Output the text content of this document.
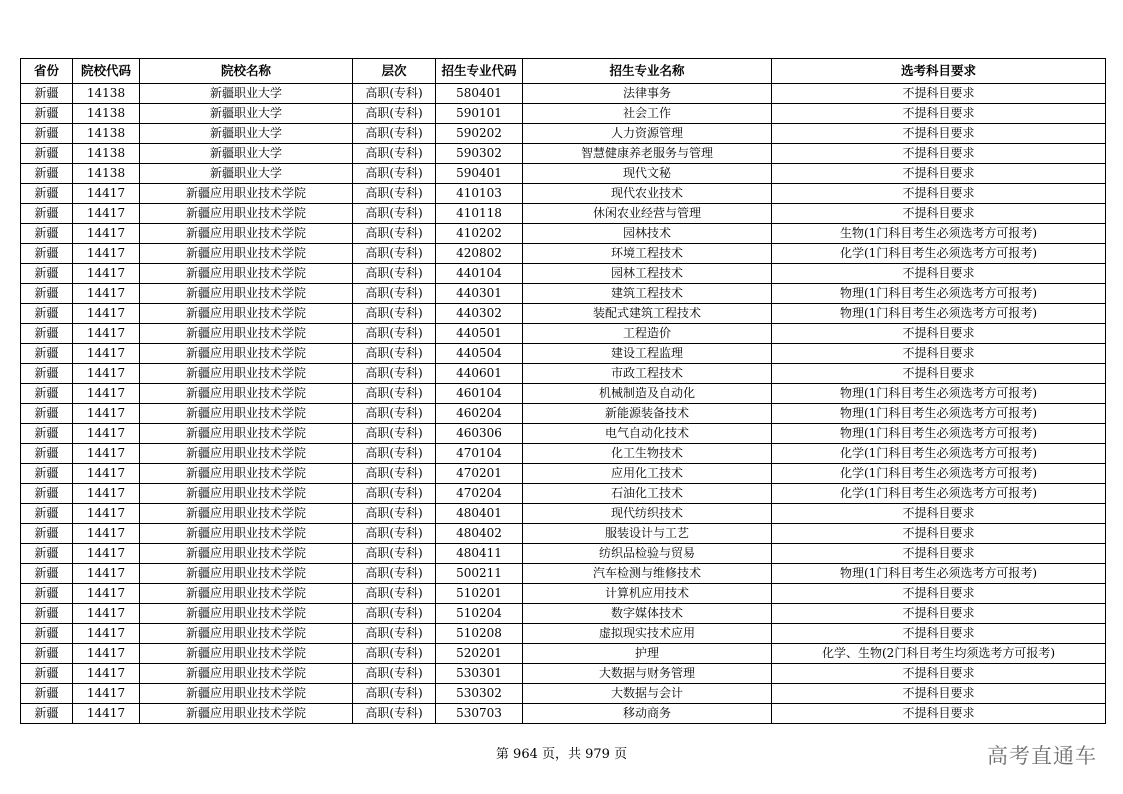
省份	院校代码	院校名称	层次	招生专业代码	招生专业名称	选考科目要求
新疆	14138	新疆职业大学	高职(专科)	580401	法律事务	不提科目要求
新疆	14138	新疆职业大学	高职(专科)	590101	社会工作	不提科目要求
新疆	14138	新疆职业大学	高职(专科)	590202	人力资源管理	不提科目要求
新疆	14138	新疆职业大学	高职(专科)	590302	智慧健康养老服务与管理	不提科目要求
新疆	14138	新疆职业大学	高职(专科)	590401	现代文秘	不提科目要求
新疆	14417	新疆应用职业技术学院	高职(专科)	410103	现代农业技术	不提科目要求
新疆	14417	新疆应用职业技术学院	高职(专科)	410118	休闲农业经营与管理	不提科目要求
新疆	14417	新疆应用职业技术学院	高职(专科)	410202	园林技术	生物(1门科目考生必须选考方可报考)
新疆	14417	新疆应用职业技术学院	高职(专科)	420802	环境工程技术	化学(1门科目考生必须选考方可报考)
新疆	14417	新疆应用职业技术学院	高职(专科)	440104	园林工程技术	不提科目要求
新疆	14417	新疆应用职业技术学院	高职(专科)	440301	建筑工程技术	物理(1门科目考生必须选考方可报考)
新疆	14417	新疆应用职业技术学院	高职(专科)	440302	装配式建筑工程技术	物理(1门科目考生必须选考方可报考)
新疆	14417	新疆应用职业技术学院	高职(专科)	440501	工程造价	不提科目要求
新疆	14417	新疆应用职业技术学院	高职(专科)	440504	建设工程监理	不提科目要求
新疆	14417	新疆应用职业技术学院	高职(专科)	440601	市政工程技术	不提科目要求
新疆	14417	新疆应用职业技术学院	高职(专科)	460104	机械制造及自动化	物理(1门科目考生必须选考方可报考)
新疆	14417	新疆应用职业技术学院	高职(专科)	460204	新能源装备技术	物理(1门科目考生必须选考方可报考)
新疆	14417	新疆应用职业技术学院	高职(专科)	460306	电气自动化技术	物理(1门科目考生必须选考方可报考)
新疆	14417	新疆应用职业技术学院	高职(专科)	470104	化工生物技术	化学(1门科目考生必须选考方可报考)
新疆	14417	新疆应用职业技术学院	高职(专科)	470201	应用化工技术	化学(1门科目考生必须选考方可报考)
新疆	14417	新疆应用职业技术学院	高职(专科)	470204	石油化工技术	化学(1门科目考生必须选考方可报考)
新疆	14417	新疆应用职业技术学院	高职(专科)	480401	现代纺织技术	不提科目要求
新疆	14417	新疆应用职业技术学院	高职(专科)	480402	服装设计与工艺	不提科目要求
新疆	14417	新疆应用职业技术学院	高职(专科)	480411	纺织品检验与贸易	不提科目要求
新疆	14417	新疆应用职业技术学院	高职(专科)	500211	汽车检测与维修技术	物理(1门科目考生必须选考方可报考)
新疆	14417	新疆应用职业技术学院	高职(专科)	510201	计算机应用技术	不提科目要求
新疆	14417	新疆应用职业技术学院	高职(专科)	510204	数字媒体技术	不提科目要求
新疆	14417	新疆应用职业技术学院	高职(专科)	510208	虚拟现实技术应用	不提科目要求
新疆	14417	新疆应用职业技术学院	高职(专科)	520201	护理	化学、生物(2门科目考生均须选考方可报考)
新疆	14417	新疆应用职业技术学院	高职(专科)	530301	大数据与财务管理	不提科目要求
新疆	14417	新疆应用职业技术学院	高职(专科)	530302	大数据与会计	不提科目要求
新疆	14417	新疆应用职业技术学院	高职(专科)	530703	移动商务	不提科目要求
第 964 页，共 979 页	高考直通车
